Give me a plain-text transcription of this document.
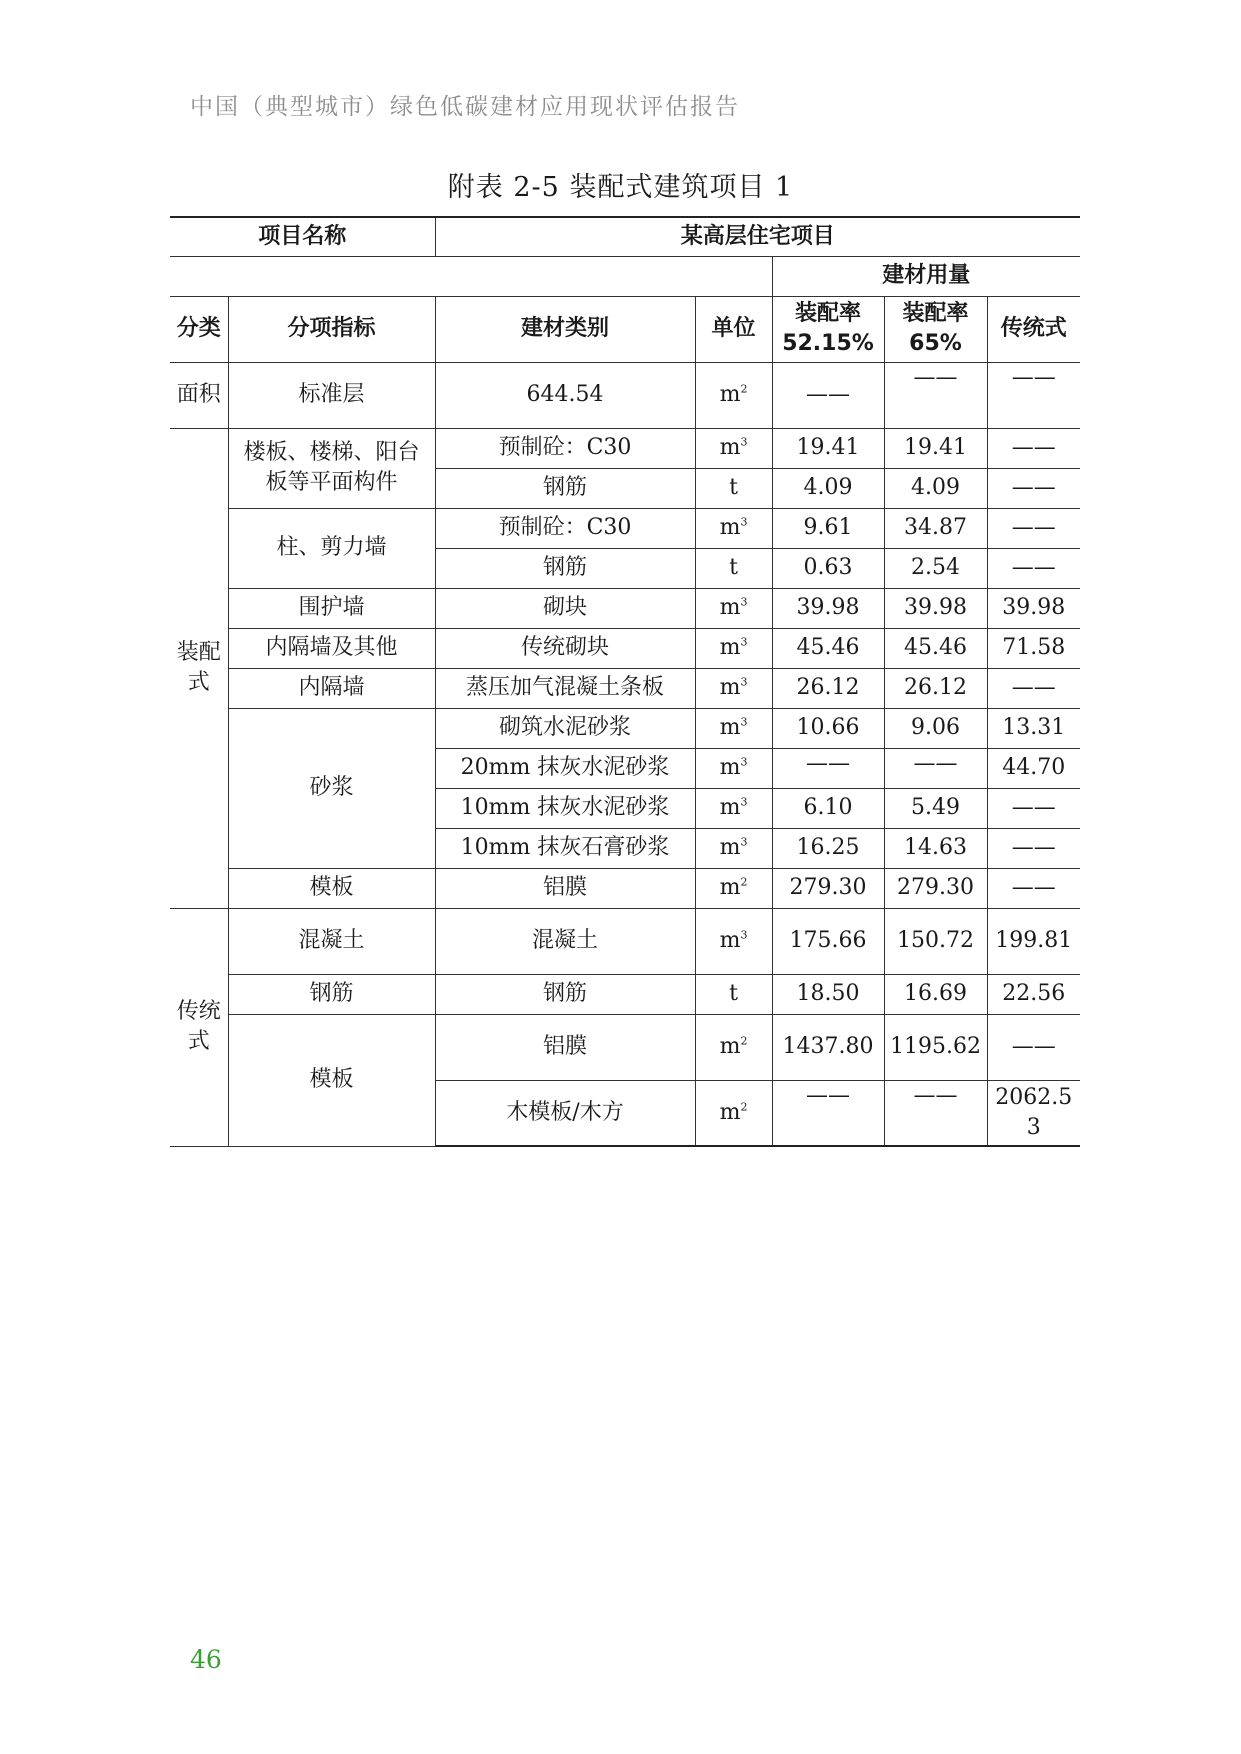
中国（典型城市）绿色低碳建材应用现状评估报告
附表 2-5 装配式建筑项目 1
项目名称		某高层住宅项目				
				建材用量		
分类	分项指标	建材类别	单位	装配率52.15%	装配率65%	传统式
面积	标准层	644.54	$m^2$	——	——	——
装配式	楼板、楼梯、阳台板等平面构件	预制砼：C30	$m^3$	19.41	19.41	——
		钢筋	t	4.09	4.09	——
	柱、剪力墙	预制砼：C30	$m^3$	9.61	34.87	——
		钢筋	t	0.63	2.54	——
	围护墙	砌块	$m^3$	39.98	39.98	39.98
	内隔墙及其他	传统砌块	$m^3$	45.46	45.46	71.58
	内隔墙	蒸压加气混凝土条板	$m^3$	26.12	26.12	——
	砂浆	砌筑水泥砂浆	$m^3$	10.66	9.06	13.31
		20mm 抹灰水泥砂浆	$m^3$	——	——	44.70
		10mm 抹灰水泥砂浆	$m^3$	6.10	5.49	——
		10mm 抹灰石膏砂浆	$m^3$	16.25	14.63	——
	模板	铝膜	$m^2$	279.30	279.30	——
传统式	混凝土	混凝土	$m^3$	175.66	150.72	199.81
	钢筋	钢筋	t	18.50	16.69	22.56
	模板	铝膜	$m^2$	1437.80	1195.62	——
		木模板/木方	$m^2$	——	——	2062.53
46
